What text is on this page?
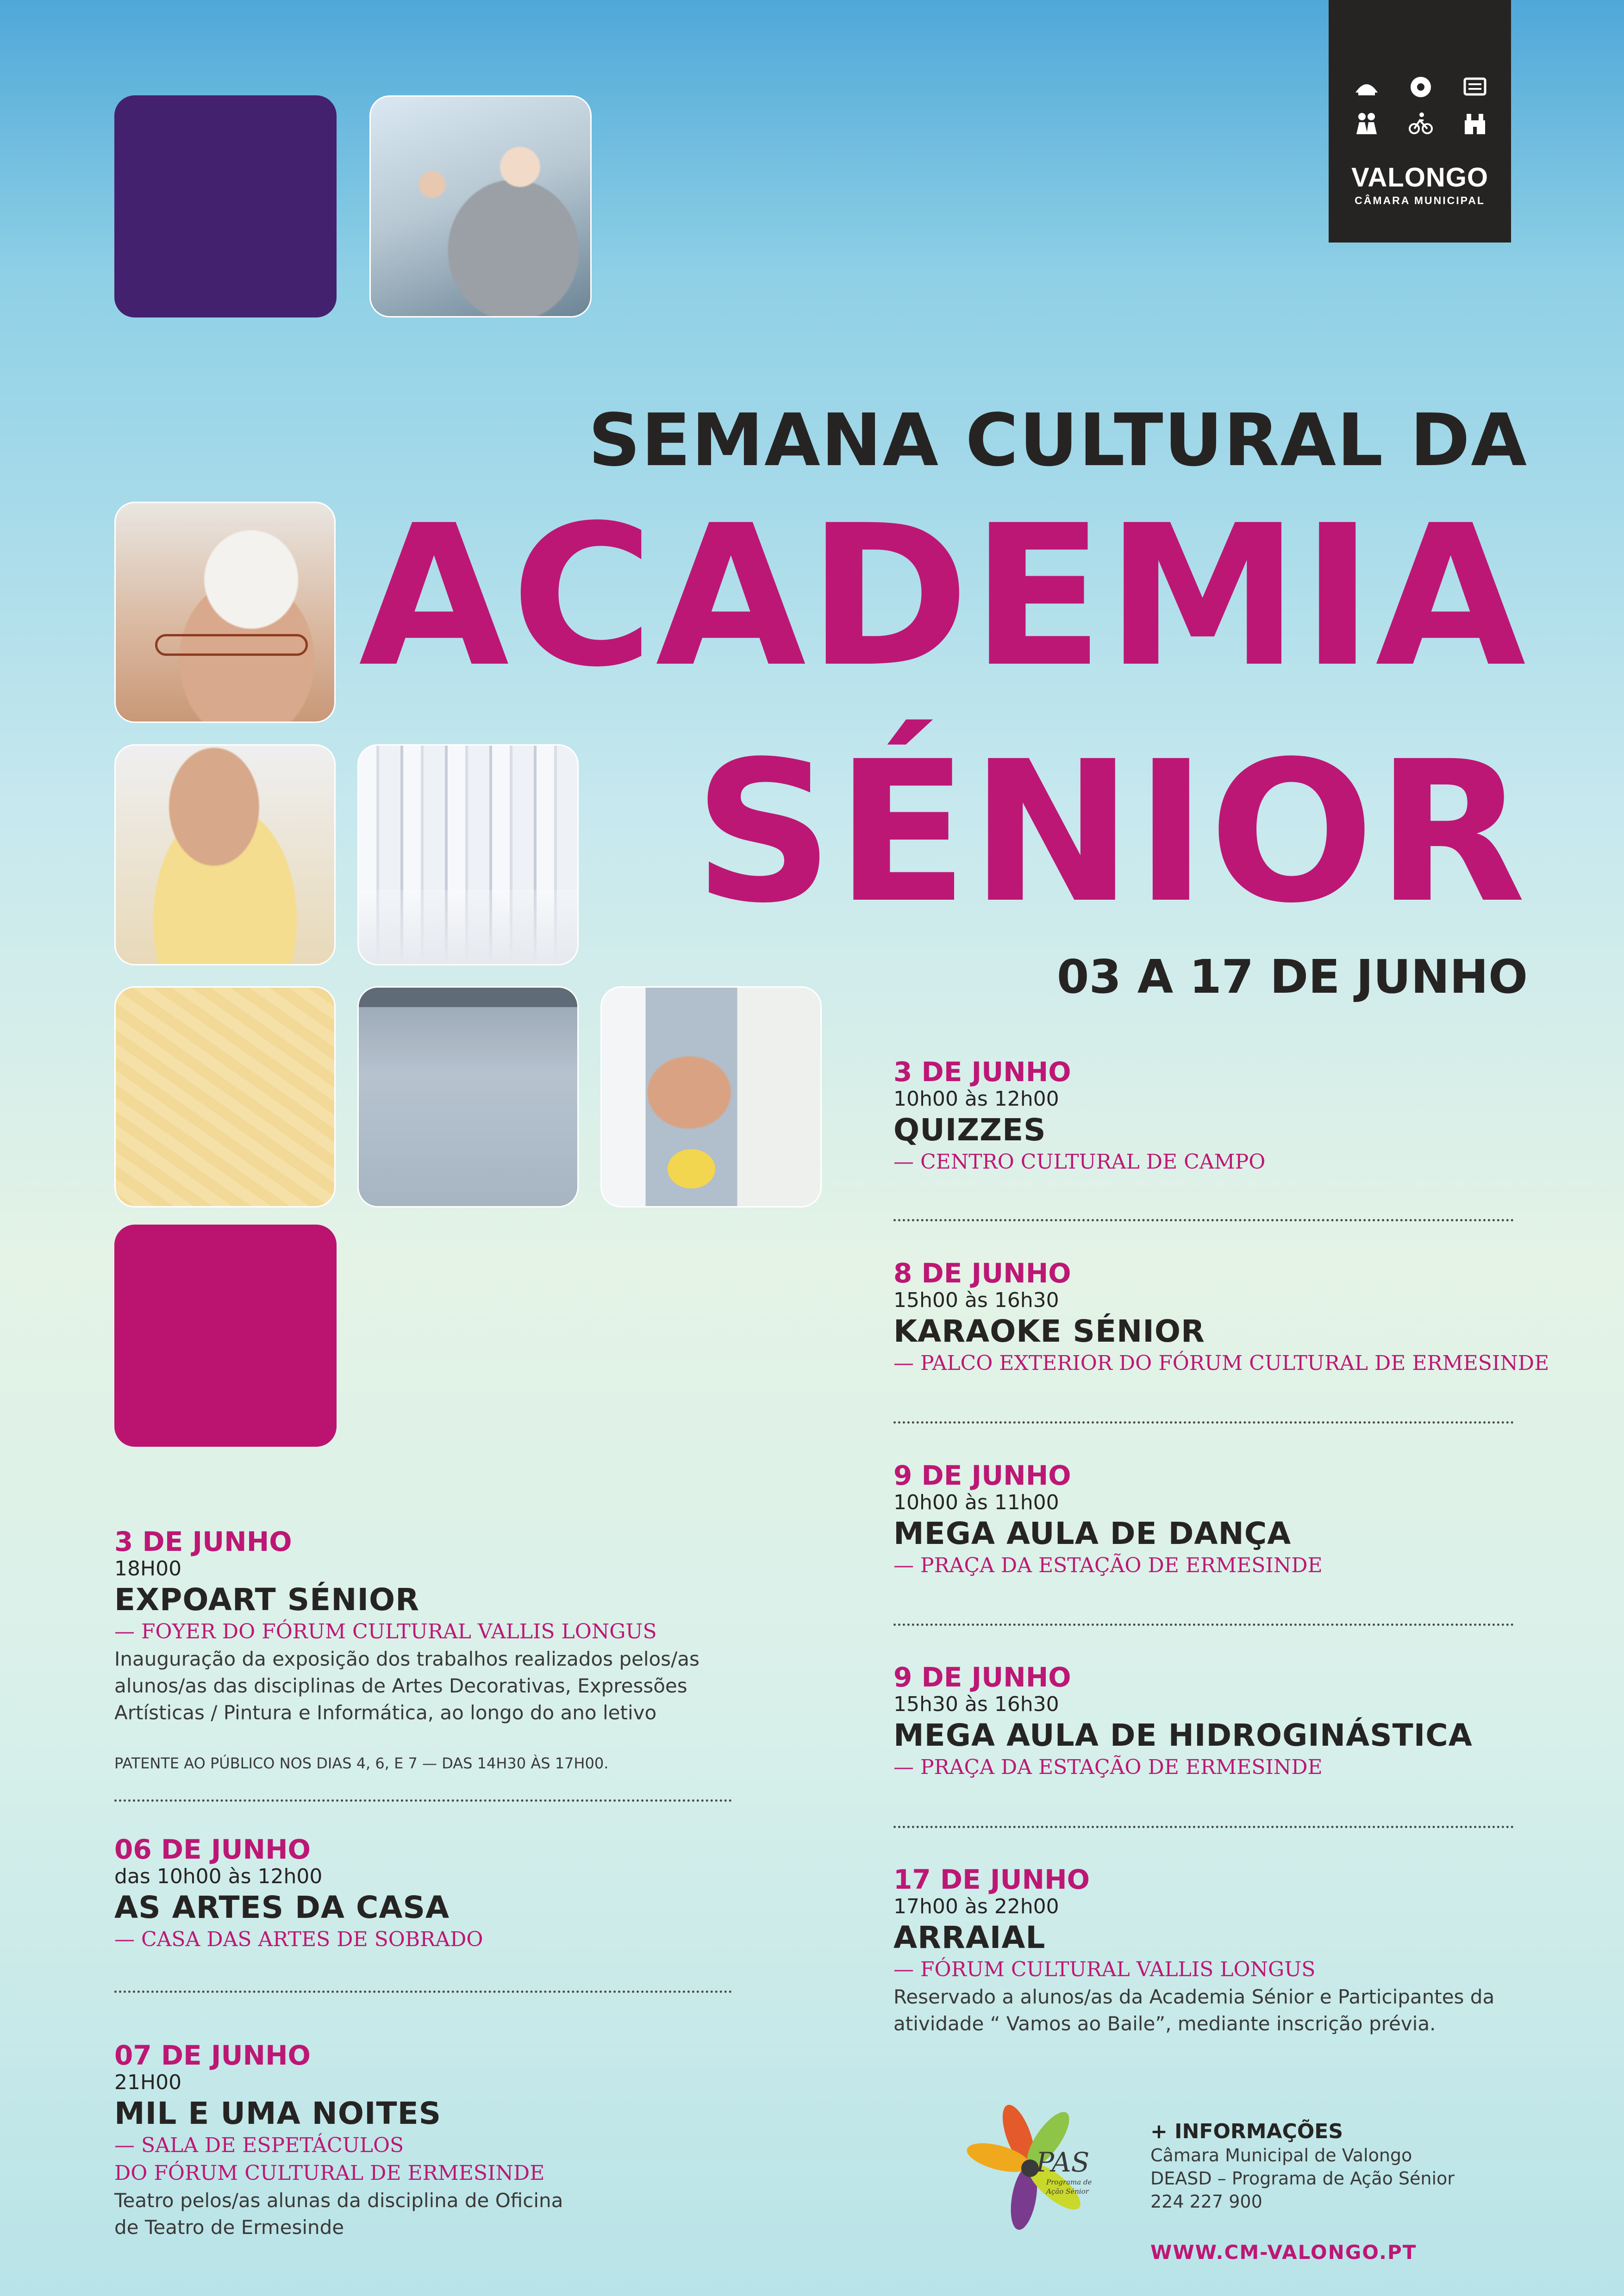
VALONGO
CÂMARA MUNICIPAL
SEMANA CULTURAL DA
ACADEMIA
SÉNIOR
03 A 17 DE JUNHO
3 DE JUNHO
18H00
EXPOART SÉNIOR
— FOYER DO FÓRUM CULTURAL VALLIS LONGUS
Inauguração da exposição dos trabalhos realizados pelos/as
alunos/as das disciplinas de Artes Decorativas, Expressões
Artísticas / Pintura e Informática, ao longo do ano letivo
PATENTE AO PÚBLICO NOS DIAS 4, 6, E 7 — DAS 14H30 ÀS 17H00.
06 DE JUNHO
das 10h00 às 12h00
AS ARTES DA CASA
— CASA DAS ARTES DE SOBRADO
07 DE JUNHO
21H00
MIL E UMA NOITES
— SALA DE ESPETÁCULOS
DO FÓRUM CULTURAL DE ERMESINDE
Teatro pelos/as alunas da disciplina de Oficina
de Teatro de Ermesinde
3 DE JUNHO
10h00 às 12h00
QUIZZES
— CENTRO CULTURAL DE CAMPO
8 DE JUNHO
15h00 às 16h30
KARAOKE SÉNIOR
— PALCO EXTERIOR DO FÓRUM CULTURAL DE ERMESINDE
9 DE JUNHO
10h00 às 11h00
MEGA AULA DE DANÇA
— PRAÇA DA ESTAÇÃO DE ERMESINDE
9 DE JUNHO
15h30 às 16h30
MEGA AULA DE HIDROGINÁSTICA
— PRAÇA DA ESTAÇÃO DE ERMESINDE
17 DE JUNHO
17h00 às 22h00
ARRAIAL
— FÓRUM CULTURAL VALLIS LONGUS
Reservado a alunos/as da Academia Sénior e Participantes da
atividade “ Vamos ao Baile”, mediante inscrição prévia.
PAS
Programa de Ação Sénior
+ INFORMAÇÕES
Câmara Municipal de Valongo
DEASD – Programa de Ação Sénior
224 227 900
WWW.CM-VALONGO.PT
